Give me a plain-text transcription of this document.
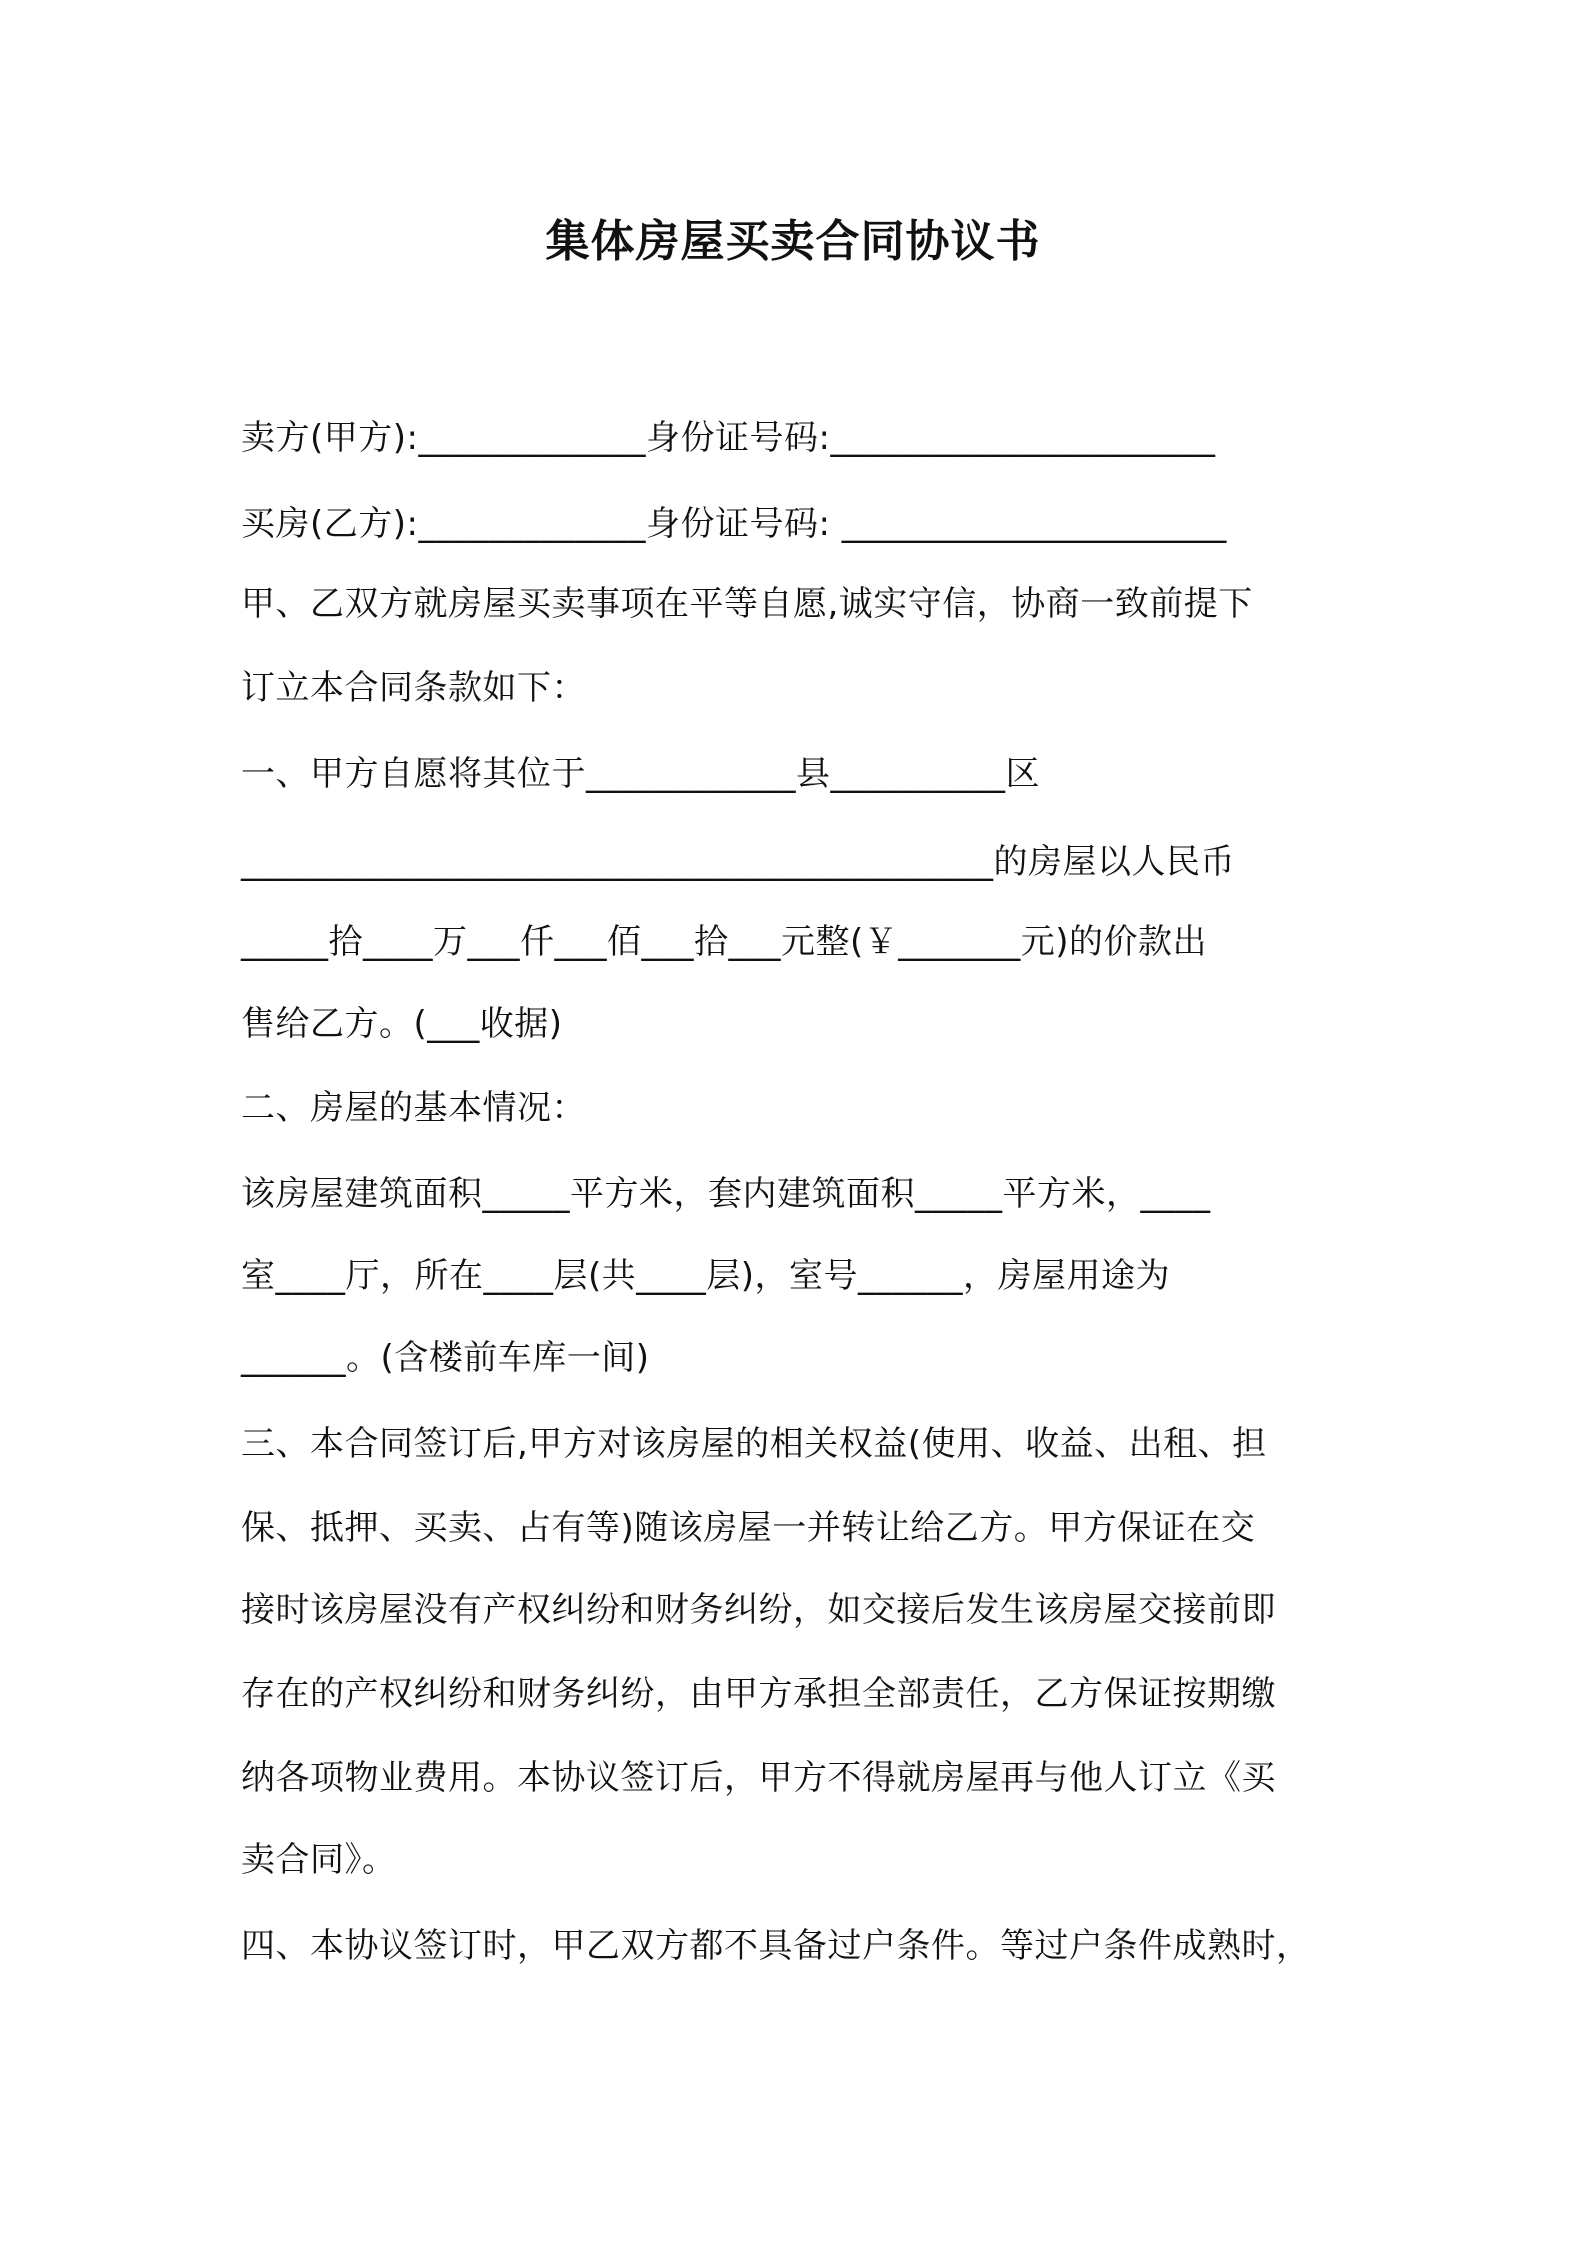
集体房屋买卖合同协议书
卖方(甲方):_____________身份证号码:______________________
买房(乙方):_____________身份证号码: ______________________
甲、乙双方就房屋买卖事项在平等自愿,诚实守信，协商一致前提下
订立本合同条款如下：
一、甲方自愿将其位于____________县__________区
___________________________________________的房屋以人民币
_____拾____万___仟___佰___拾___元整(￥_______元)的价款出
售给乙方。(___收据)
二、房屋的基本情况：
该房屋建筑面积_____平方米，套内建筑面积_____平方米，____
室____厅，所在____层(共____层)，室号______，房屋用途为
______。(含楼前车库一间)
三、本合同签订后,甲方对该房屋的相关权益(使用、收益、出租、担
保、抵押、买卖、占有等)随该房屋一并转让给乙方。甲方保证在交
接时该房屋没有产权纠纷和财务纠纷，如交接后发生该房屋交接前即
存在的产权纠纷和财务纠纷，由甲方承担全部责任，乙方保证按期缴
纳各项物业费用。本协议签订后，甲方不得就房屋再与他人订立《买
卖合同》。
四、本协议签订时，甲乙双方都不具备过户条件。等过户条件成熟时，
